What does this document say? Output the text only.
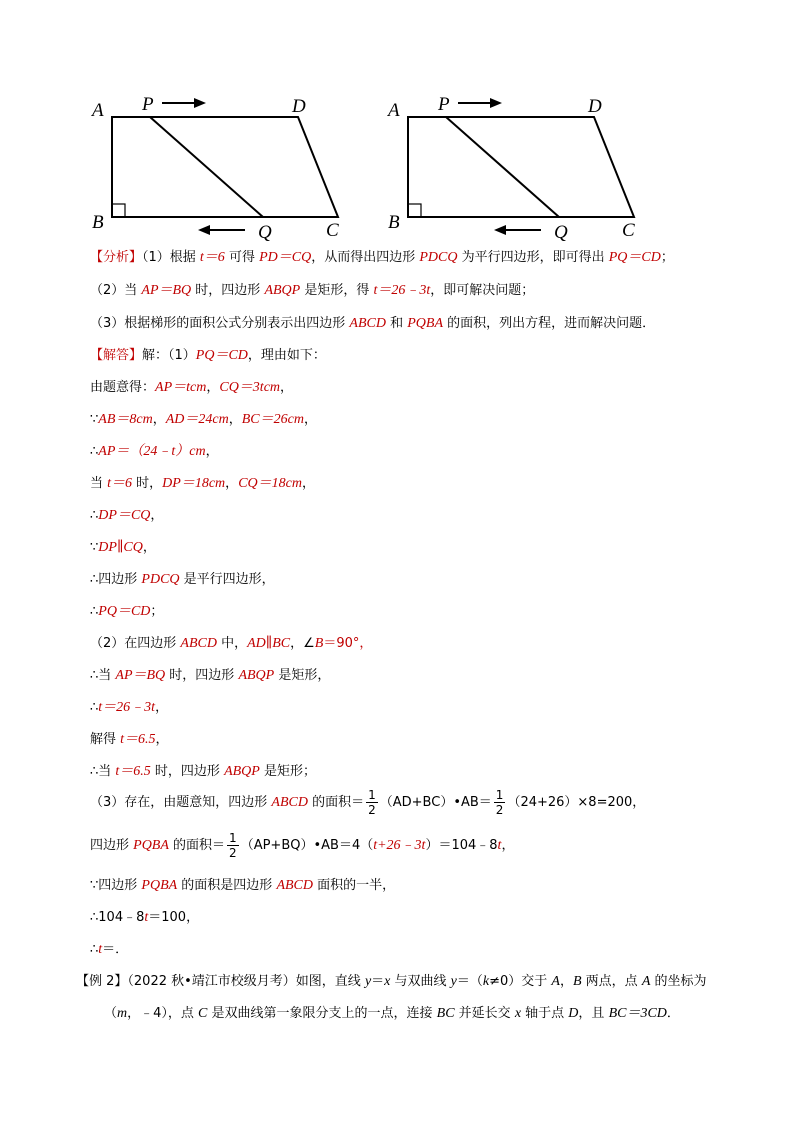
A P	D
B	Q	C
A P	D
B	Q	C
【分析】（1）根据 t＝6 可得 PD＝CQ，从而得出四边形 PDCQ 为平行四边形，即可得出 PQ＝CD；
（2）当 AP＝BQ 时，四边形 ABQP 是矩形，得 t＝26﹣3t，即可解决问题；
（3）根据梯形的面积公式分别表示出四边形 ABCD 和 PQBA 的面积，列出方程，进而解决问题．
【解答】解：（1）PQ＝CD，理由如下：
由题意得：AP＝tcm，CQ＝3tcm，
∵AB＝8cm，AD＝24cm，BC＝26cm，
∴AP＝（24﹣t）cm，
当 t＝6 时，DP＝18cm，CQ＝18cm，
∴DP＝CQ，
∵DP∥CQ，
∴四边形 PDCQ 是平行四边形，
∴PQ＝CD；
（2）在四边形 ABCD 中，AD∥BC，∠B＝90°，
∴当 AP＝BQ 时，四边形 ABQP 是矩形，
∴t＝26﹣3t，
解得 t＝6.5，
∴当 t＝6.5 时，四边形 ABQP 是矩形；
（3）存在，由题意知，四边形 ABCD 的面积＝ $\frac{1}{2}$ （AD+BC）•AB＝ $\frac{1}{2} (24+26)\times 8=200$，
四边形 PQBA 的面积＝ $\frac{1}{2}$ （AP+BQ）•AB＝4（t+26﹣3t）＝104﹣8t，
∵四边形 PQBA 的面积是四边形 ABCD 面积的一半，
∴104﹣8t＝100，
∴t＝．
【例 2】（2022 秋•靖江市校级月考）如图，直线 y＝x 与双曲线 y＝（k≠0）交于 A，B 两点，点 A 的坐标为
（m，﹣4），点 C 是双曲线第一象限分支上的一点，连接 BC 并延长交 x 轴于点 D，且 BC＝3CD．
